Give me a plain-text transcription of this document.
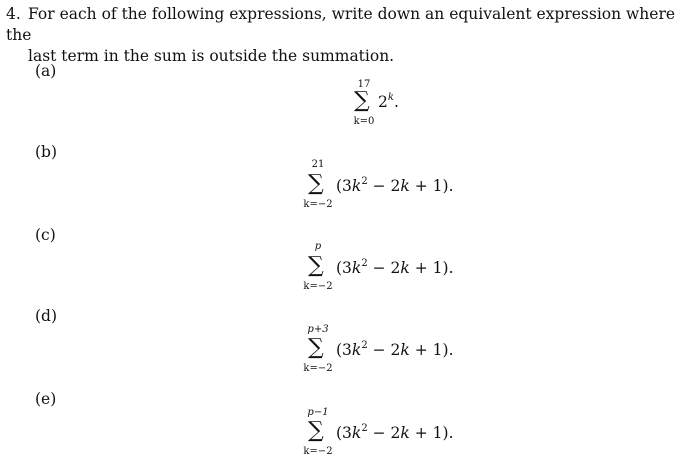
4. For each of the following expressions, write down an equivalent expression where the
last term in the sum is outside the summation.
(a)
17
∑
k=0
2$^k$.
(b)
21
∑
k=−2
$(3k^2 - 2k + 1)$.
(c)
p
∑
k=−2
$(3k^2 - 2k + 1)$.
(d)
p+3
∑
k=−2
$(3k^2 - 2k + 1)$.
(e)
p−1
∑
k=−2
$(3k^2 - 2k + 1)$.
